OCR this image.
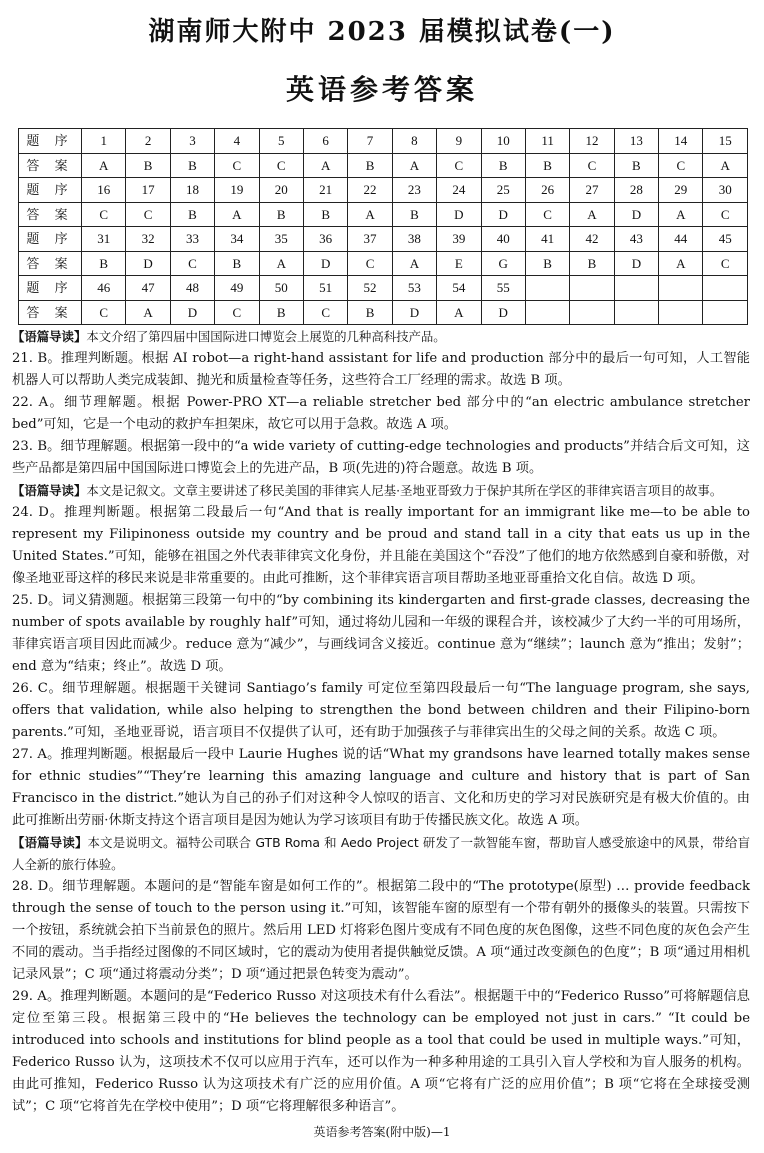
湖南师大附中 2023 届模拟试卷(一)
英语参考答案
题 序	1	2	3	4	5	6	7	8	9	10	11	12	13	14	15
答 案	A	B	B	C	C	A	B	A	C	B	B	C	B	C	A
题 序	16	17	18	19	20	21	22	23	24	25	26	27	28	29	30
答 案	C	C	B	A	B	B	A	B	D	D	C	A	D	A	C
题 序	31	32	33	34	35	36	37	38	39	40	41	42	43	44	45
答 案	B	D	C	B	A	D	C	A	E	G	B	B	D	A	C
题 序	46	47	48	49	50	51	52	53	54	55					
答 案	C	A	D	C	B	C	B	D	A	D					

【语篇导读】本文介绍了第四届中国国际进口博览会上展览的几种高科技产品。

21. B。推理判断题。根据 AI robot—a right-hand assistant for life and production 部分中的最后一句可知，人工智能机器人可以帮助人类完成装卸、抛光和质量检查等任务，这些符合工厂经理的需求。故选 B 项。

22. A。细节理解题。根据 Power-PRO XT—a reliable stretcher bed 部分中的“an electric ambulance stretcher bed”可知，它是一个电动的救护车担架床，故它可以用于急救。故选 A 项。

23. B。细节理解题。根据第一段中的“a wide variety of cutting-edge technologies and products”并结合后文可知，这些产品都是第四届中国国际进口博览会上的先进产品，B 项(先进的)符合题意。故选 B 项。

【语篇导读】本文是记叙文。文章主要讲述了移民美国的菲律宾人尼基·圣地亚哥致力于保护其所在学区的菲律宾语言项目的故事。

24. D。推理判断题。根据第二段最后一句“And that is really important for an immigrant like me—to be able to represent my Filipinoness outside my country and be proud and stand tall in a city that eats us up in the United States.”可知，能够在祖国之外代表菲律宾文化身份，并且能在美国这个“吞没”了他们的地方依然感到自豪和骄傲，对像圣地亚哥这样的移民来说是非常重要的。由此可推断，这个菲律宾语言项目帮助圣地亚哥重拾文化自信。故选 D 项。

25. D。词义猜测题。根据第三段第一句中的“by combining its kindergarten and first-grade classes, decreasing the number of spots available by roughly half”可知，通过将幼儿园和一年级的课程合并，该校减少了大约一半的可用场所，菲律宾语言项目因此而减少。reduce 意为“减少”，与画线词含义接近。continue 意为“继续”；launch 意为“推出；发射”；end 意为“结束；终止”。故选 D 项。

26. C。细节理解题。根据题干关键词 Santiago’s family 可定位至第四段最后一句“The language program, she says, offers that validation, while also helping to strengthen the bond between children and their Filipino-born parents.”可知，圣地亚哥说，语言项目不仅提供了认可，还有助于加强孩子与菲律宾出生的父母之间的关系。故选 C 项。

27. A。推理判断题。根据最后一段中 Laurie Hughes 说的话“What my grandsons have learned totally makes sense for ethnic studies”“They’re learning this amazing language and culture and history that is part of San Francisco in the district.”她认为自己的孙子们对这种令人惊叹的语言、文化和历史的学习对民族研究是有极大价值的。由此可推断出劳丽·休斯支持这个语言项目是因为她认为学习该项目有助于传播民族文化。故选 A 项。

【语篇导读】本文是说明文。福特公司联合 GTB Roma 和 Aedo Project 研发了一款智能车窗，帮助盲人感受旅途中的风景，带给盲人全新的旅行体验。

28. D。细节理解题。本题问的是“智能车窗是如何工作的”。根据第二段中的“The prototype(原型) … provide feedback through the sense of touch to the person using it.”可知，该智能车窗的原型有一个带有朝外的摄像头的装置。只需按下一个按钮，系统就会拍下当前景色的照片。然后用 LED 灯将彩色图片变成有不同色度的灰色图像，这些不同色度的灰色会产生不同的震动。当手指经过图像的不同区域时，它的震动为使用者提供触觉反馈。A 项“通过改变颜色的色度”；B 项“通过用相机记录风景”；C 项“通过将震动分类”；D 项“通过把景色转变为震动”。

29. A。推理判断题。本题问的是“Federico Russo 对这项技术有什么看法”。根据题干中的“Federico Russo”可将解题信息定位至第三段。根据第三段中的“He believes the technology can be employed not just in cars.” “It could be introduced into schools and institutions for blind people as a tool that could be used in multiple ways.”可知，Federico Russo 认为，这项技术不仅可以应用于汽车，还可以作为一种多种用途的工具引入盲人学校和为盲人服务的机构。由此可推知，Federico Russo 认为这项技术有广泛的应用价值。A 项“它将有广泛的应用价值”；B 项“它将在全球接受测试”；C 项“它将首先在学校中使用”；D 项“它将理解很多种语言”。

英语参考答案(附中版)—1
